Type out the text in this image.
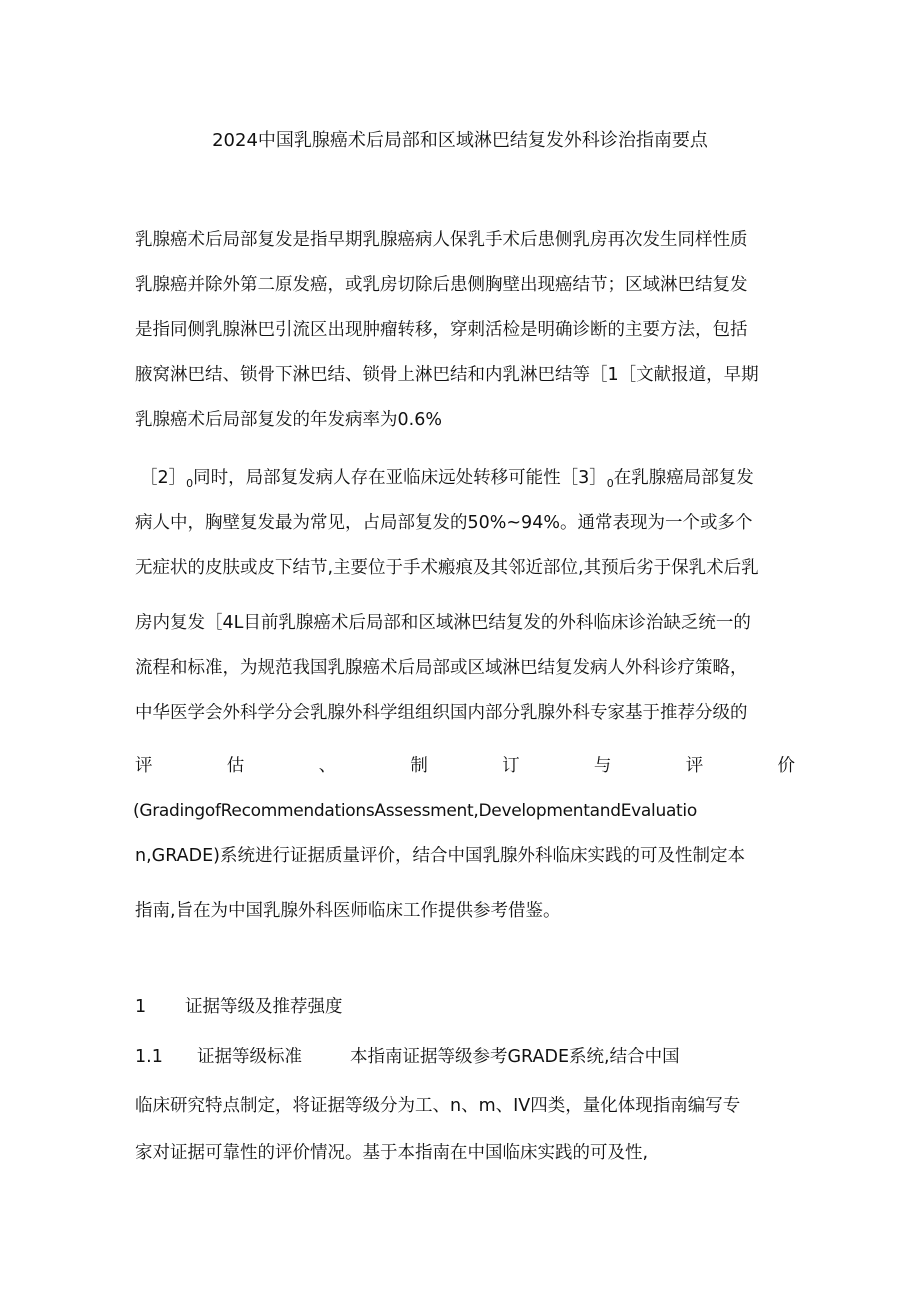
2024中国乳腺癌术后局部和区域淋巴结复发外科诊治指南要点
乳腺癌术后局部复发是指早期乳腺癌病人保乳手术后患侧乳房再次发生同样性质
乳腺癌并除外第二原发癌，或乳房切除后患侧胸壁出现癌结节；区域淋巴结复发
是指同侧乳腺淋巴引流区出现肿瘤转移，穿刺活检是明确诊断的主要方法，包括
腋窝淋巴结、锁骨下淋巴结、锁骨上淋巴结和内乳淋巴结等［1［文献报道，早期
乳腺癌术后局部复发的年发病率为0.6%
$[2]_0$同时，局部复发病人存在亚临床远处转移可能性$[3]_0$在乳腺癌局部复发
病人中，胸壁复发最为常见，占局部复发的50%~94%。通常表现为一个或多个
无症状的皮肤或皮下结节,主要位于手术瘢痕及其邻近部位,其预后劣于保乳术后乳
房内复发［4L目前乳腺癌术后局部和区域淋巴结复发的外科临床诊治缺乏统一的
流程和标准，为规范我国乳腺癌术后局部或区域淋巴结复发病人外科诊疗策略，
中华医学会外科学分会乳腺外科学组组织国内部分乳腺外科专家基于推荐分级的
评	估	、	制	订	与	评	价
(GradingofRecommendationsAssessment,DevelopmentandEvaluatio
n,GRADE)系统进行证据质量评价，结合中国乳腺外科临床实践的可及性制定本
指南,旨在为中国乳腺外科医师临床工作提供参考借鉴。
1 证据等级及推荐强度
1.1 证据等级标准	本指南证据等级参考GRADE系统,结合中国
临床研究特点制定，将证据等级分为工、n、m、IV四类，量化体现指南编写专
家对证据可靠性的评价情况。基于本指南在中国临床实践的可及性,
